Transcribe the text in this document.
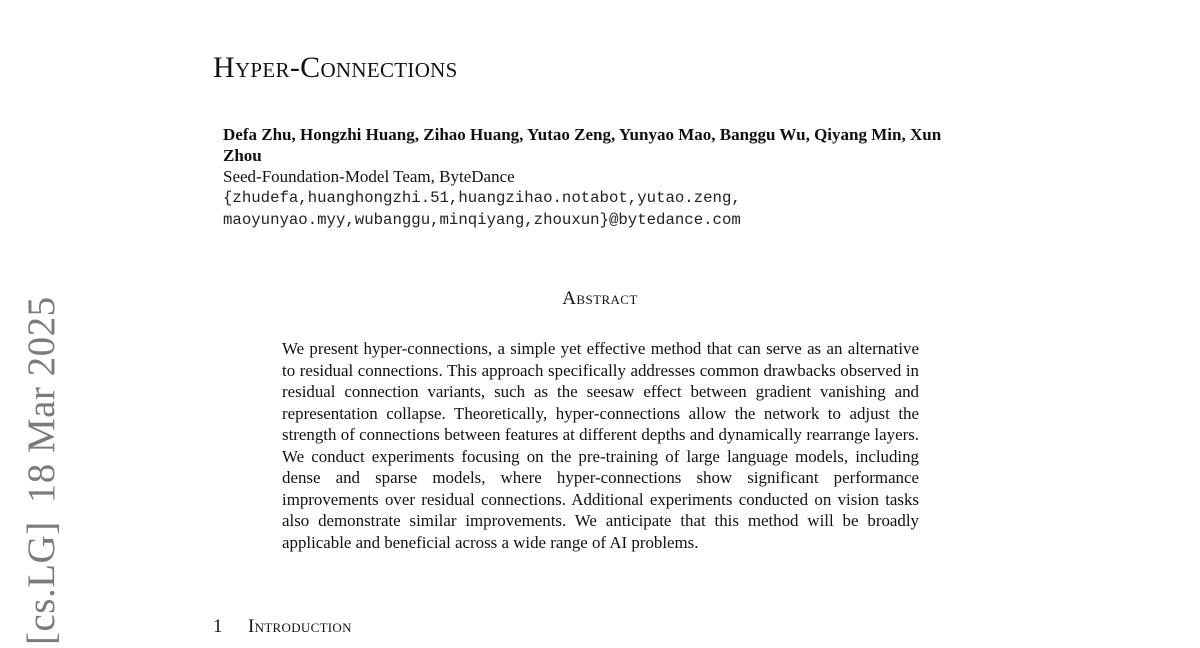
Hyper-Connections
Defa Zhu, Hongzhi Huang, Zihao Huang, Yutao Zeng, Yunyao Mao, Banggu Wu, Qiyang Min, Xun Zhou
Seed-Foundation-Model Team, ByteDance
{zhudefa,huanghongzhi.51,huangzihao.notabot,yutao.zeng,
maoyunyao.myy,wubanggu,minqiyang,zhouxun}@bytedance.com
Abstract

We present hyper-connections, a simple yet effective method that can serve as an alternative to residual connections. This approach specifically addresses common drawbacks observed in residual connection variants, such as the seesaw effect between gradient vanishing and representation collapse. Theoretically, hyper-connections allow the network to adjust the strength of connections between features at different depths and dynamically rearrange layers. We conduct experiments focusing on the pre-training of large language models, including dense and sparse models, where hyper-connections show significant performance improvements over residual connections. Additional experiments conducted on vision tasks also demonstrate similar improvements. We anticipate that this method will be broadly applicable and beneficial across a wide range of AI problems.

1 Introduction
[cs.LG]18 Mar 2025
